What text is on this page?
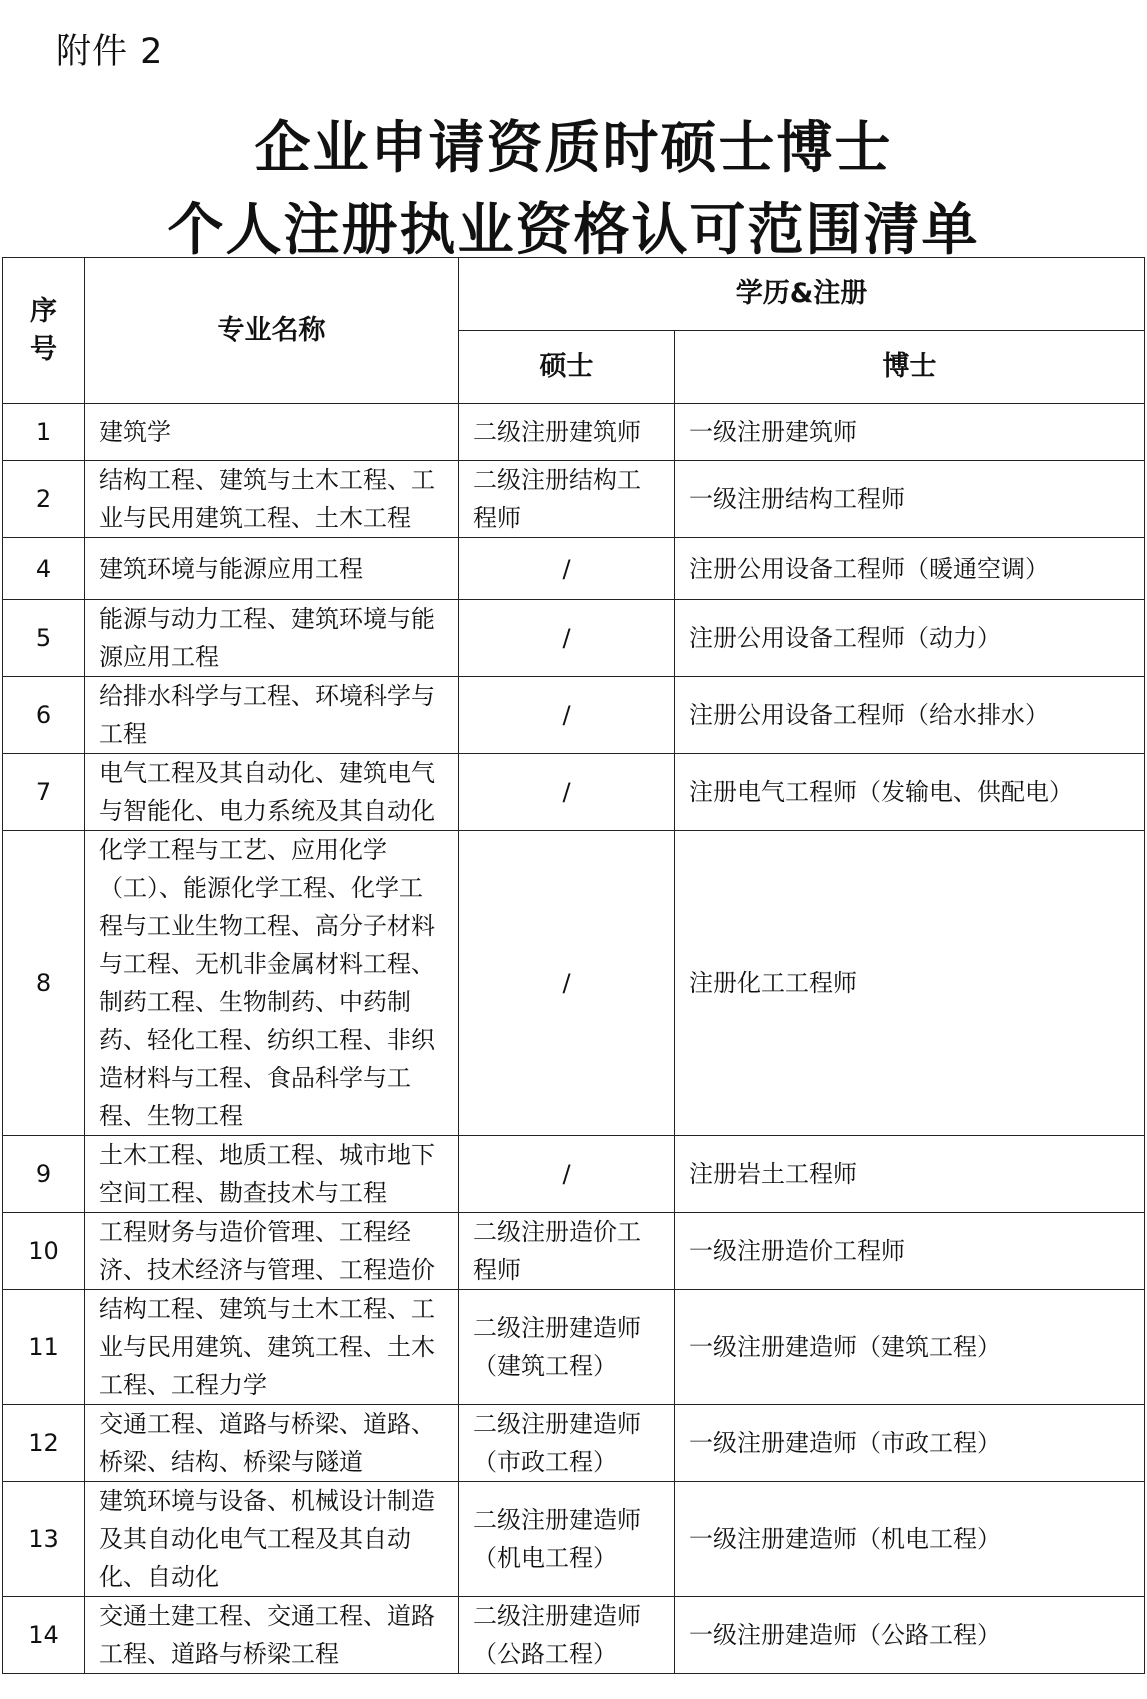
附件 2
企业申请资质时硕士博士
个人注册执业资格认可范围清单
序号	专业名称	学历&注册	
		硕士	博士
1	建筑学	二级注册建筑师	一级注册建筑师
2	结构工程、建筑与土木工程、工业与民用建筑工程、土木工程	二级注册结构工程师	一级注册结构工程师
4	建筑环境与能源应用工程	/	注册公用设备工程师（暖通空调）
5	能源与动力工程、建筑环境与能源应用工程	/	注册公用设备工程师（动力）
6	给排水科学与工程、环境科学与工程	/	注册公用设备工程师（给水排水）
7	电气工程及其自动化、建筑电气与智能化、电力系统及其自动化	/	注册电气工程师（发输电、供配电）
8	化学工程与工艺、应用化学（工）、能源化学工程、化学工程与工业生物工程、高分子材料与工程、无机非金属材料工程、制药工程、生物制药、中药制药、轻化工程、纺织工程、非织造材料与工程、食品科学与工程、生物工程	/	注册化工工程师
9	土木工程、地质工程、城市地下空间工程、勘查技术与工程	/	注册岩土工程师
10	工程财务与造价管理、工程经济、技术经济与管理、工程造价	二级注册造价工程师	一级注册造价工程师
11	结构工程、建筑与土木工程、工业与民用建筑、建筑工程、土木工程、工程力学	二级注册建造师（建筑工程）	一级注册建造师（建筑工程）
12	交通工程、道路与桥梁、道路、桥梁、结构、桥梁与隧道	二级注册建造师（市政工程）	一级注册建造师（市政工程）
13	建筑环境与设备、机械设计制造及其自动化电气工程及其自动化、自动化	二级注册建造师（机电工程）	一级注册建造师（机电工程）
14	交通土建工程、交通工程、道路工程、道路与桥梁工程	二级注册建造师（公路工程）	一级注册建造师（公路工程）
